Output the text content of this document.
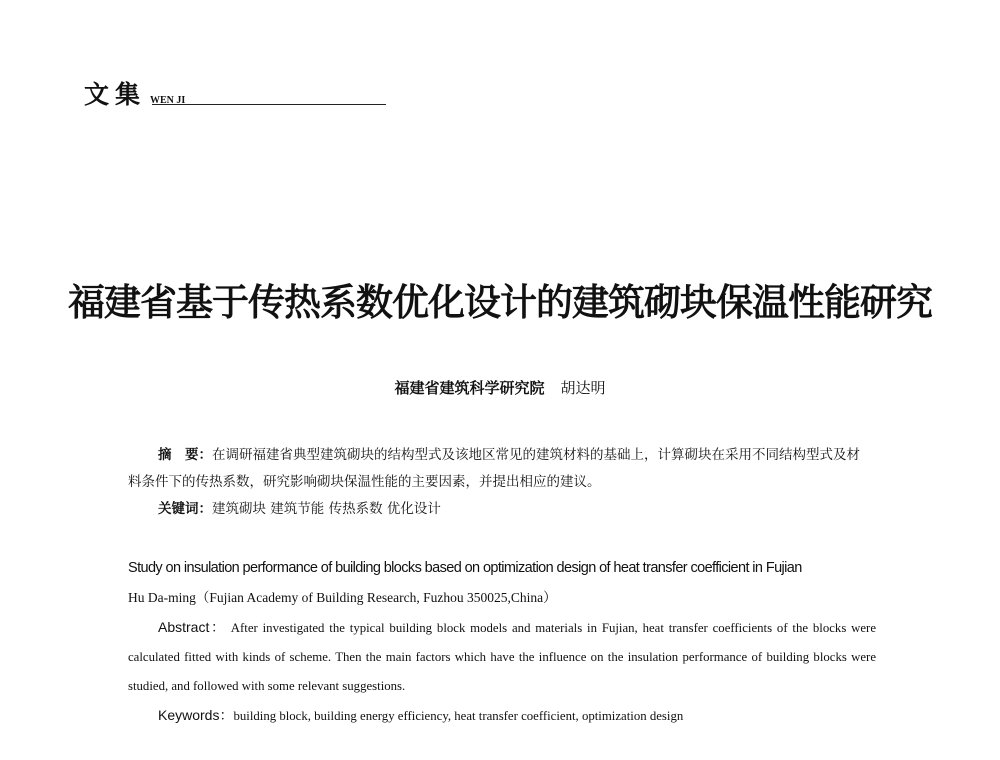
文集 WEN JI
福建省基于传热系数优化设计的建筑砌块保温性能研究
福建省建筑科学研究院 胡达明

摘　要：在调研福建省典型建筑砌块的结构型式及该地区常见的建筑材料的基础上，计算砌块在采用不同结构型式及材料条件下的传热系数，研究影响砌块保温性能的主要因素，并提出相应的建议。

关键词：建筑砌块 建筑节能 传热系数 优化设计

Study on insulation performance of building blocks based on optimization design of heat transfer coefficient in Fujian
Hu Da-ming（Fujian Academy of Building Research, Fuzhou 350025,China）

Abstract： After investigated the typical building block models and materials in Fujian, heat transfer coefficients of the blocks were calculated fitted with kinds of scheme. Then the main factors which have the influence on the insulation performance of building blocks were studied, and followed with some relevant suggestions.

Keywords：building block, building energy efficiency, heat transfer coefficient, optimization design
